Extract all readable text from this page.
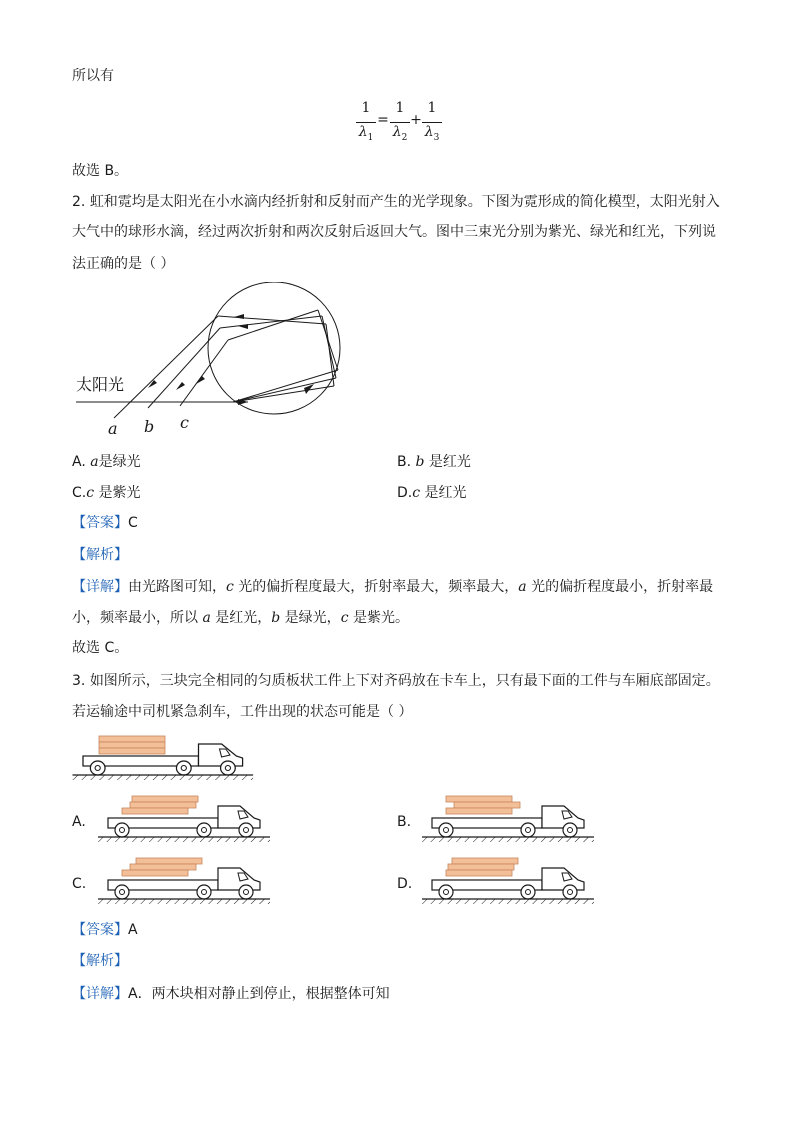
所以有
1
$\lambda_1$
=
1
$\lambda_2$
+
1
$\lambda_3$
故选 B。
2. 虹和霓均是太阳光在小水滴内经折射和反射而产生的光学现象。下图为霓形成的简化模型，太阳光射入
大气中的球形水滴，经过两次折射和两次反射后返回大气。图中三束光分别为紫光、绿光和红光，下列说
法正确的是（ ）
太阳光
a b c
A. a是绿光	B. b 是红光
C.c 是紫光	D.c 是红光
【答案】C
【解析】
【详解】由光路图可知，c 光的偏折程度最大，折射率最大，频率最大，a 光的偏折程度最小，折射率最
小，频率最小，所以 a 是红光，b 是绿光，c 是紫光。
故选 C。
3. 如图所示，三块完全相同的匀质板状工件上下对齐码放在卡车上，只有最下面的工件与车厢底部固定。
若运输途中司机紧急刹车，工件出现的状态可能是（ ）
A.	B.
C.	D.
【答案】A
【解析】
【详解】A．两木块相对静止到停止，根据整体可知
